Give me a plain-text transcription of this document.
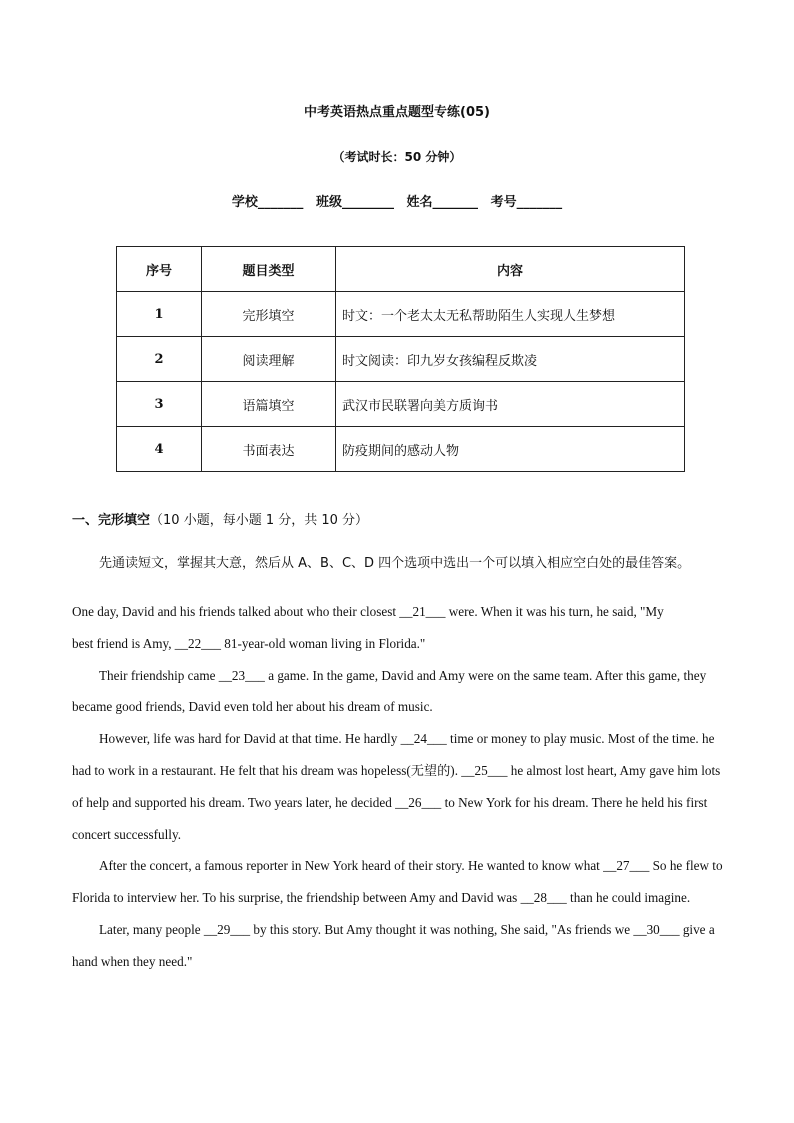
中考英语热点重点题型专练(05)
（考试时长：50 分钟）
学校_______ 班级________ 姓名_______ 考号_______
序号	题目类型	内容
1	完形填空	时文：一个老太太无私帮助陌生人实现人生梦想
2	阅读理解	时文阅读：印九岁女孩编程反欺凌
3	语篇填空	武汉市民联署向美方质询书
4	书面表达	防疫期间的感动人物
一、完形填空（10 小题，每小题 1 分，共 10 分）
先通读短文，掌握其大意，然后从 A、B、C、D 四个选项中选出一个可以填入相应空白处的最佳答案。

One day, David and his friends talked about who their closest __21___ were. When it was his turn, he said, "My

best friend is Amy, __22___ 81-year-old woman living in Florida."

Their friendship came __23___ a game. In the game, David and Amy were on the same team. After this game, they became good friends, David even told her about his dream of music.

However, life was hard for David at that time. He hardly __24___ time or money to play music. Most of the time. he had to work in a restaurant. He felt that his dream was hopeless(无望的). __25___ he almost lost heart, Amy gave him lots of help and supported his dream. Two years later, he decided __26___ to New York for his dream. There he held his first concert successfully.

After the concert, a famous reporter in New York heard of their story. He wanted to know what __27___ So he flew to Florida to interview her. To his surprise, the friendship between Amy and David was __28___ than he could imagine.

Later, many people __29___ by this story. But Amy thought it was nothing, She said, "As friends we __30___ give a hand when they need."
